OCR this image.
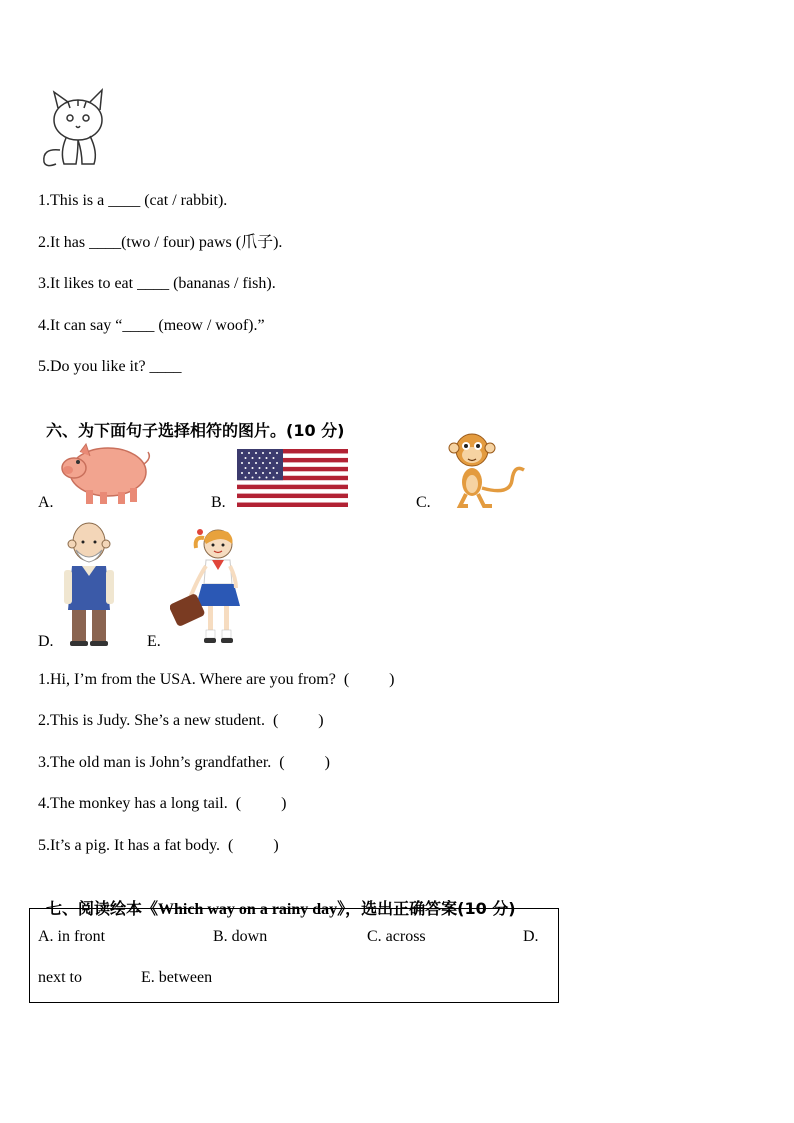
1.This is a ____ (cat / rabbit).
2.It has ____(two / four) paws (爪子).
3.It likes to eat ____ (bananas / fish).
4.It can say “____ (meow / woof).”
5.Do you like it? ____

六、为下面句子选择相符的图片。(10 分)

A.	B.	C.
D.	E.
1.Hi, I’m from the USA. Where are you from?  (          )
2.This is Judy. She’s a new student.  (          )
3.The old man is John’s grandfather.  (          )
4.The monkey has a long tail.  (          )
5.It’s a pig. It has a fat body.  (          )

七、阅读绘本《Which way on a rainy day》，选出正确答案(10 分)

A. in front	B. down	C. across	D.
next to	E. between
